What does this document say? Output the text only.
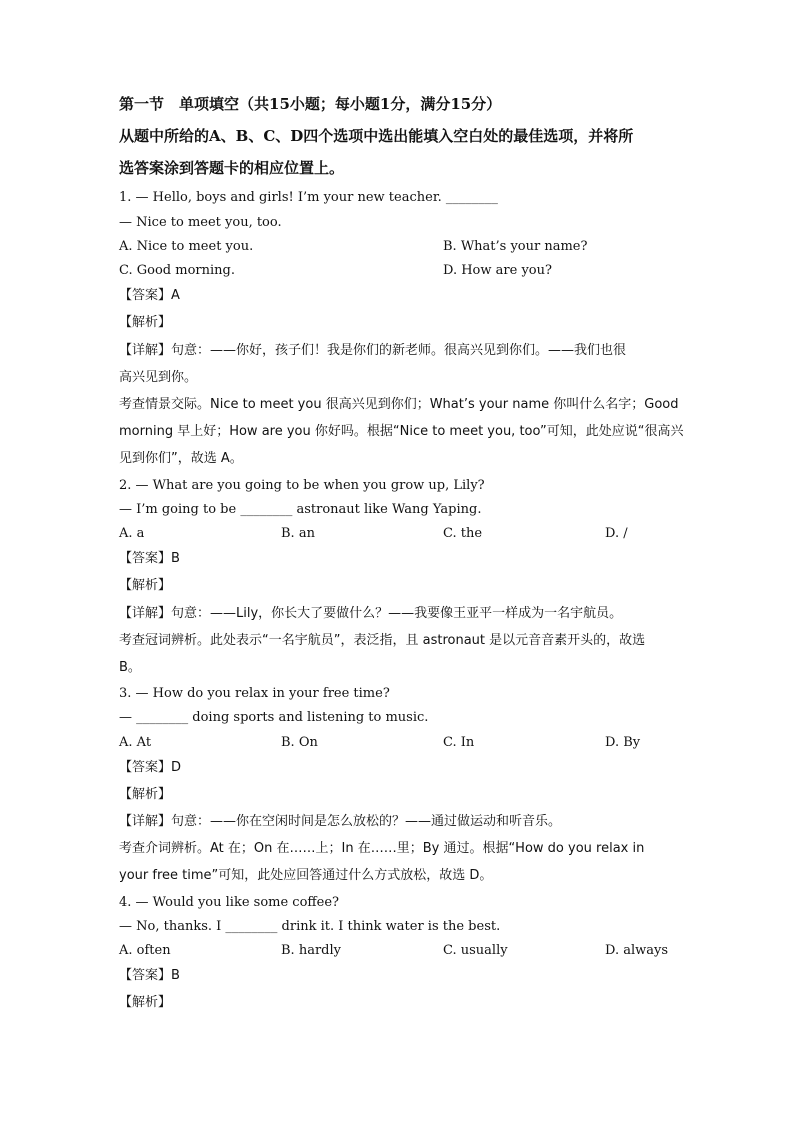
第一节　单项填空（共15小题；每小题1分，满分15分）
从题中所给的A、B、C、D四个选项中选出能填入空白处的最佳选项，并将所
选答案涂到答题卡的相应位置上。
1. — Hello, boys and girls! I’m your new teacher. ________
— Nice to meet you, too.
A. Nice to meet you.	B. What’s your name?
C. Good morning.	D. How are you?
【答案】A
【解析】
【详解】句意：——你好，孩子们！我是你们的新老师。很高兴见到你们。——我们也很
高兴见到你。
考查情景交际。Nice to meet you 很高兴见到你们；What’s your name 你叫什么名字；Good
morning 早上好；How are you 你好吗。根据“Nice to meet you, too”可知，此处应说“很高兴
见到你们”，故选 A。
2. — What are you going to be when you grow up, Lily?
— I’m going to be ________ astronaut like Wang Yaping.
A. a	B. an	C. the	D. /
【答案】B
【解析】
【详解】句意：——Lily，你长大了要做什么？——我要像王亚平一样成为一名宇航员。
考查冠词辨析。此处表示“一名宇航员”，表泛指，且 astronaut 是以元音音素开头的，故选
B。
3. — How do you relax in your free time?
— ________ doing sports and listening to music.
A. At	B. On	C. In	D. By
【答案】D
【解析】
【详解】句意：——你在空闲时间是怎么放松的？——通过做运动和听音乐。
考查介词辨析。At 在；On 在……上；In 在……里；By 通过。根据“How do you relax in
your free time”可知，此处应回答通过什么方式放松，故选 D。
4. — Would you like some coffee?
— No, thanks. I ________ drink it. I think water is the best.
A. often	B. hardly	C. usually	D. always
【答案】B
【解析】
